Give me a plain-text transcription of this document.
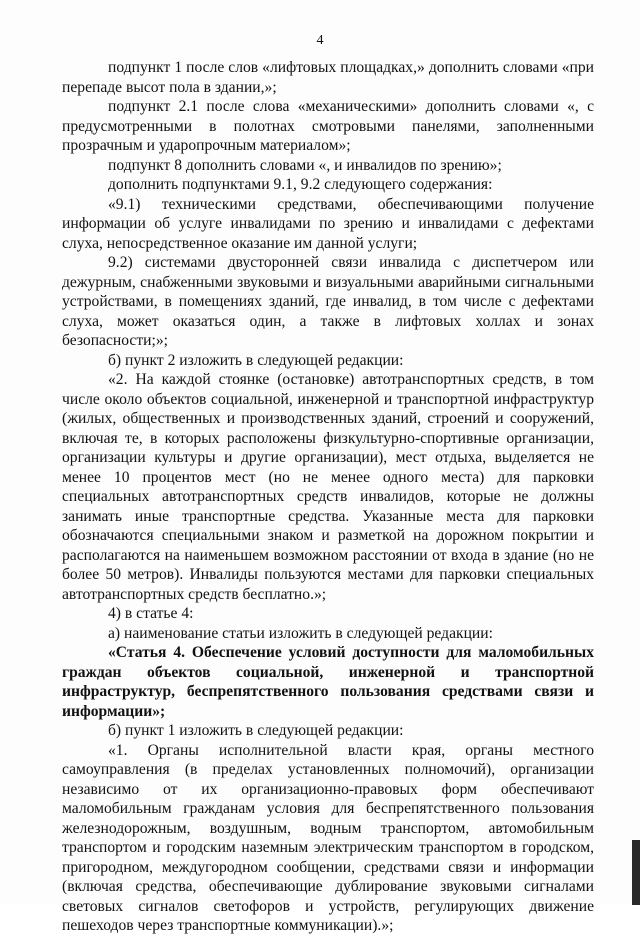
4

подпункт 1 после слов «лифтовых площадках,» дополнить словами «при перепаде высот пола в здании,»;

подпункт 2.1 после слова «механическими» дополнить словами «, с предусмотренными в полотнах смотровыми панелями, заполненными прозрачным и ударопрочным материалом»;

подпункт 8 дополнить словами «, и инвалидов по зрению»;

дополнить подпунктами 9.1, 9.2 следующего содержания:

«9.1) техническими средствами, обеспечивающими получение информации об услуге инвалидами по зрению и инвалидами с дефектами слуха, непосредственное оказание им данной услуги;

9.2) системами двусторонней связи инвалида с диспетчером или дежурным, снабженными звуковыми и визуальными аварийными сигнальными устройствами, в помещениях зданий, где инвалид, в том числе с дефектами слуха, может оказаться один, а также в лифтовых холлах и зонах безопасности;»;

б) пункт 2 изложить в следующей редакции:

«2. На каждой стоянке (остановке) автотранспортных средств, в том числе около объектов социальной, инженерной и транспортной инфраструктур (жилых, общественных и производственных зданий, строений и сооружений, включая те, в которых расположены физкультурно-спортивные организации, организации культуры и другие организации), мест отдыха, выделяется не менее 10 процентов мест (но не менее одного места) для парковки специальных автотранспортных средств инвалидов, которые не должны занимать иные транспортные средства. Указанные места для парковки обозначаются специальными знаком и разметкой на дорожном покрытии и располагаются на наименьшем возможном расстоянии от входа в здание (но не более 50 метров). Инвалиды пользуются местами для парковки специальных автотранспортных средств бесплатно.»;

4) в статье 4:

а) наименование статьи изложить в следующей редакции:

«Статья 4. Обеспечение условий доступности для маломобильных граждан объектов социальной, инженерной и транспортной инфраструктур, беспрепятственного пользования средствами связи и информации»;

б) пункт 1 изложить в следующей редакции:

«1. Органы исполнительной власти края, органы местного самоуправления (в пределах установленных полномочий), организации независимо от их организационно-правовых форм обеспечивают маломобильным гражданам условия для беспрепятственного пользования железнодорожным, воздушным, водным транспортом, автомобильным транспортом и городским наземным электрическим транспортом в городском, пригородном, междугородном сообщении, средствами связи и информации (включая средства, обеспечивающие дублирование звуковыми сигналами световых сигналов светофоров и устройств, регулирующих движение пешеходов через транспортные коммуникации).»;
